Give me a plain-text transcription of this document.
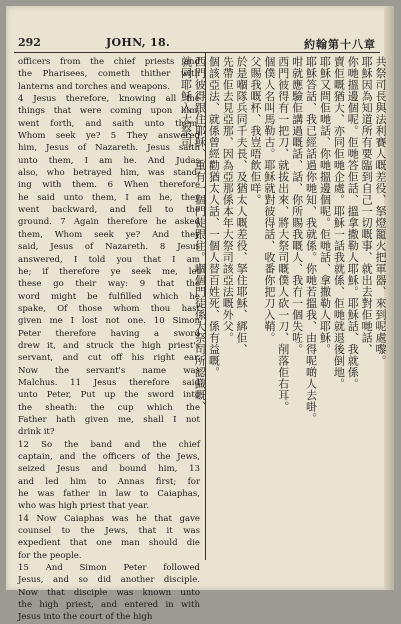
292	JOHN, 18.	約翰第十八章
officers from the chief priests and
the Pharisees, cometh thither with
lanterns and torches and weapons.
4 Jesus therefore, knowing all the
things that were coming upon him,
went forth, and saith unto them,
Whom seek ye? 5 They answered
him, Jesus of Nazareth. Jesus saith
unto them, I am he. And Judas
also, who betrayed him, was stand-
ing with them. 6 When therefore
he said unto them, I am he, they
went backward, and fell to the
ground. 7 Again therefore he asked
them, Whom seek ye? And they
said, Jesus of Nazareth. 8 Jesus
answered, I told you that I am
he; if therefore ye seek me, let
these go their way: 9 that the
word might be fulfilled which he
spake, Of those whom thou hast
given me I lost not one. 10 Simon
Peter therefore having a sword
drew it, and struck the high priest's
servant, and cut off his right ear.
Now the servant's name was
Malchus. 11 Jesus therefore said
unto Peter, Put up the sword into
the sheath: the cup which the
Father hath given me, shall I not
drink it?
12 So the band and the chief
captain, and the officers of the Jews,
seized Jesus and bound him, 13
and led him to Annas first; for
he was father in law to Caiaphas,
who was high priest that year.
14 Now Caiaphas was he that gave
counsel to the Jews, that it was
expedient that one man should die
for the people.
15 And Simon Peter followed
Jesus, and so did another disciple.
Now that disciple was known unto
the high priest, and entered in with
Jesus into the court of the high
共祭司長與法利賽人嘅差役、拏燈籠火把軍器、來到呢處嚟。
耶穌因為知道所有要臨到自己一切嘅事、就出去對佢哋話、
你哋搵邊個呢。佢哋答佢話、搵拿撒勒人耶穌。耶穌話、我就係。
賣佢嘅猶大、亦同佢哋企處。耶穌一話我就係、佢哋就退後倒地。
耶穌又問佢哋話、你哋搵邊個呢。佢哋話、拿撒勒人耶穌。
耶穌答話、我已經話過你哋知、我就係。你哋若搵我、由得呢啲人去啩。
咁就應驗佢講過嘅話、話、你所賜我嘅人、我冇一個失咗。
西門彼得有一把刀、就拔出來、將大祭司嘅僕人砍一刀、削落佢右耳。
個僕人名叫馬勒古。耶穌就對彼得話、收番你把刀入鞘。
父賜我嘅杯、我豈唔飲佢咩。
於是嗰隊兵同千夫長、及猶太人嘅差役、拏住耶穌、綁佢、
先帶佢去見亞那、因為亞那係本年大祭司該亞法嘅外父。
個該亞法、就係曾經勸猶太人話、一個人替百姓死、係有益嘅。
西門彼得跟住耶穌、重有一個門徒跟住。嗰個門徒係大祭司所認識嘅、
就同耶穌入大祭司
